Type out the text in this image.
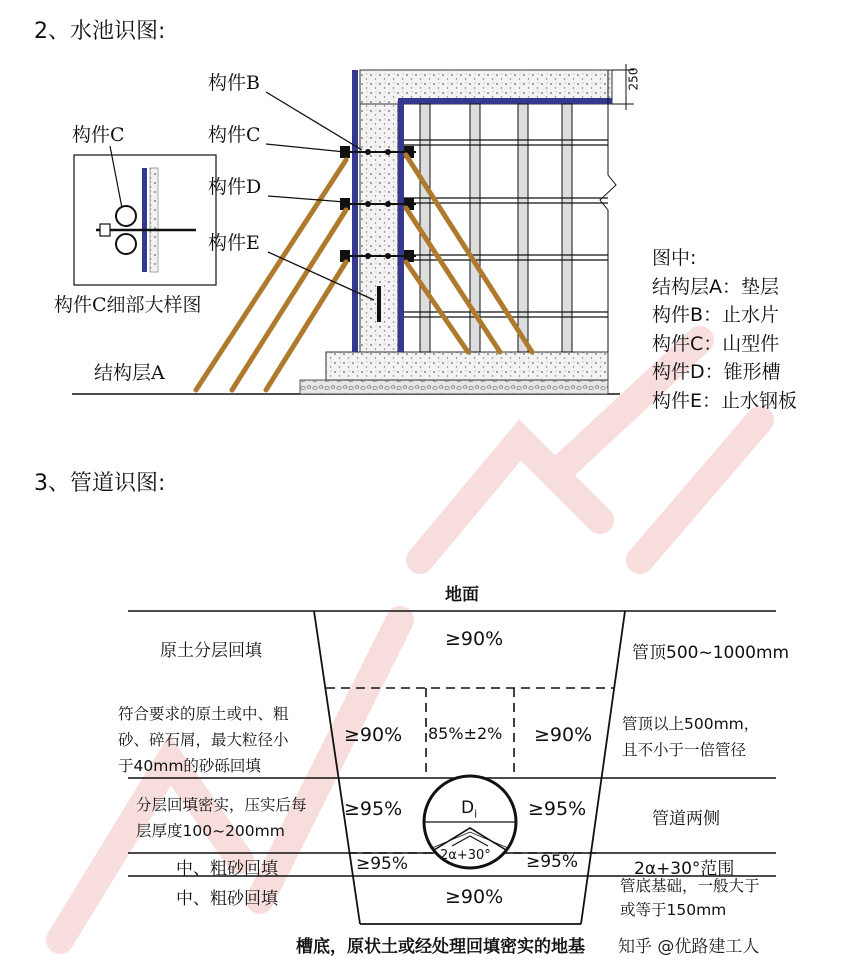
2、水池识图:
构件B
构件C
构件D
构件E
结构层A
250
构件C
构件C细部大样图
图中:
结构层A：垫层
构件B：止水片
构件C：山型件
构件D：锥形槽
构件E：止水钢板
3、管道识图:
地面
原土分层回填
符合要求的原土或中、粗
砂、碎石屑，最大粒径小
于40mm的砂砾回填
分层回填密实，压实后每
层厚度100~200mm
中、粗砂回填
中、粗砂回填
管顶500~1000mm
管顶以上500mm，
且不小于一倍管径
管道两侧
2α+30°范围
管底基础，一般大于
或等于150mm
≥90%
≥90% 85%±2% ≥90%
≥95%	≥95%
≥95%	≥95%
≥90%
$D_i$
2α+30°
槽底，原状土或经处理回填密实的地基 知乎 @优路建工人
